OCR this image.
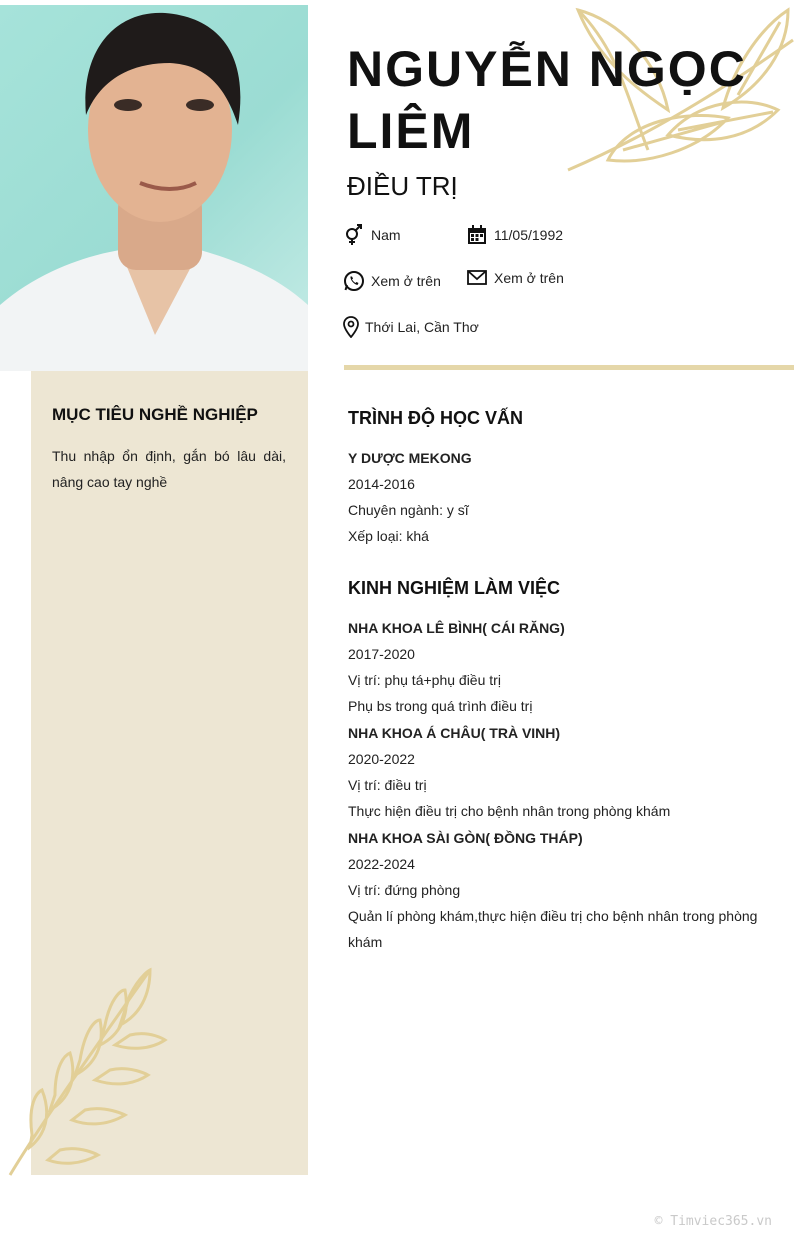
NGUYỄN NGỌC LIÊM
ĐIỀU TRỊ
Nam	11/05/1992
Xem ở trên	Xem ở trên
Thới Lai, Cần Thơ
MỤC TIÊU NGHỀ NGHIỆP
Thu nhập ổn định, gắn bó lâu dài, nâng cao tay nghề
TRÌNH ĐỘ HỌC VẤN
Y DƯỢC MEKONG
2014-2016
Chuyên ngành: y sĩ
Xếp loại: khá
KINH NGHIỆM LÀM VIỆC
NHA KHOA LÊ BÌNH( CÁI RĂNG)
2017-2020
Vị trí: phụ tá+phụ điều trị
Phụ bs trong quá trình điều trị
NHA KHOA Á CHÂU( TRÀ VINH)
2020-2022
Vị trí: điều trị
Thực hiện điều trị cho bệnh nhân trong phòng khám
NHA KHOA SÀI GÒN( ĐỒNG THÁP)
2022-2024
Vị trí: đứng phòng
Quản lí phòng khám,thực hiện điều trị cho bệnh nhân trong phòng khám
© Timviec365.vn
